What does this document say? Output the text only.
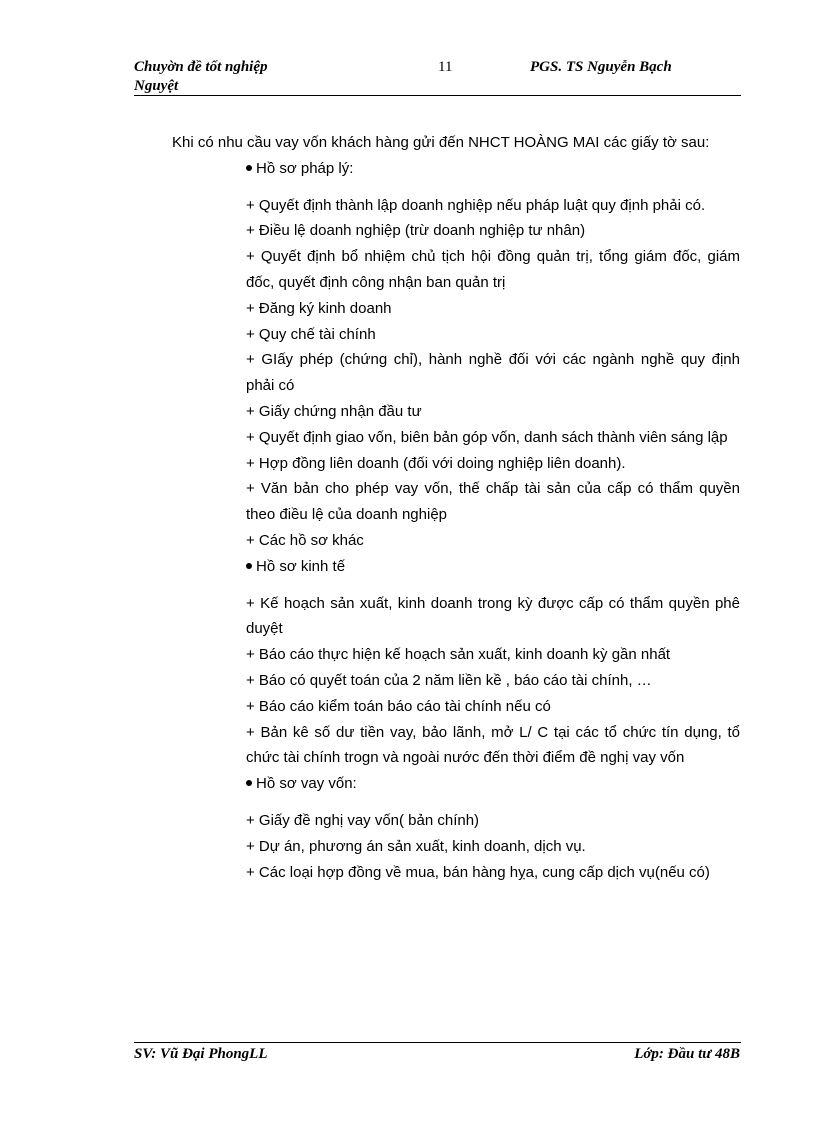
Chuyờn đề tốt nghiệp
Nguyệt
11	PGS. TS Nguyễn Bạch

Khi có nhu cầu vay vốn khách hàng gửi đến NHCT HOÀNG MAI các giấy tờ sau:

Hồ sơ pháp lý:

+ Quyết định thành lập doanh nghiệp nếu pháp luật quy định phải có.

+ Điều lệ doanh nghiệp (trừ doanh nghiệp tư nhân)

+ Quyết định bổ nhiệm chủ tịch hội đồng quản trị, tổng giám đốc, giám đốc, quyết định công nhận ban quản trị

+ Đăng ký kinh doanh

+ Quy chế tài chính

+ GIấy phép (chứng chỉ), hành nghề đối với các ngành nghề quy định phải có

+ Giấy chứng nhận đầu tư

+ Quyết định giao vốn, biên bản góp vốn, danh sách thành viên sáng lập

+ Hợp đồng liên doanh (đối với doing nghiệp liên doanh).

+ Văn bản cho phép vay vốn, thế chấp tài sản của cấp có thẩm quyền theo điều lệ của doanh nghiệp

+ Các hồ sơ khác

Hồ sơ kinh tế

+ Kế hoạch sản xuất, kinh doanh trong kỳ được cấp có thẩm quyền phê duyệt

+ Báo cáo thực hiện kế hoạch sản xuất, kinh doanh kỳ gần nhất

+ Báo có quyết toán của 2 năm liền kề , báo cáo tài chính, …

+ Báo cáo kiểm toán báo cáo tài chính nếu có

+ Bản kê số dư tiền vay, bảo lãnh, mở L/ C tại các tổ chức tín dụng, tổ chức tài chính trogn và ngoài nước đến thời điểm đề nghị vay vốn

Hồ sơ vay vốn:

+ Giấy đề nghị vay vốn( bản chính)

+ Dự án, phương án sản xuất, kinh doanh, dịch vụ.

+ Các loại hợp đồng về mua, bán hàng hỵa, cung cấp dịch vụ(nếu có)

SV: Vũ Đại PhongLL	Lớp: Đầu tư 48B
